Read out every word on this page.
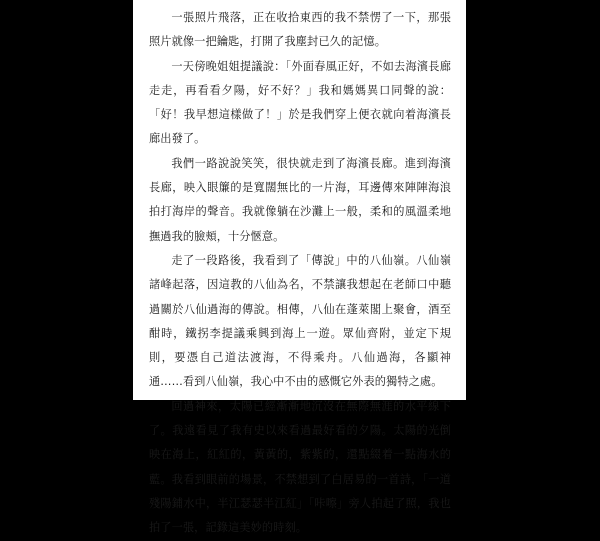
一張照片飛落，正在收拾東西的我不禁愣了一下，那張照片就像一把鑰匙，打開了我塵封已久的記憶。

一天傍晚姐姐提議說：「外面春風正好，不如去海濱長廊走走，再看看夕陽，好不好？」我和媽媽異口同聲的說：「好！我早想這樣做了！」於是我們穿上便衣就向着海濱長廊出發了。

我們一路說說笑笑，很快就走到了海濱長廊。進到海濱長廊，映入眼簾的是寬闊無比的一片海，耳邊傳來陣陣海浪拍打海岸的聲音。我就像躺在沙灘上一般，柔和的風溫柔地撫過我的臉頰，十分愜意。

走了一段路後，我看到了「傳說」中的八仙嶺。八仙嶺諸峰起落，因這教的八仙為名，不禁讓我想起在老師口中聽過關於八仙過海的傳說。相傳，八仙在蓬萊閣上聚會，酒至酣時，鐵拐李提議乘興到海上一遊。眾仙齊附，並定下規則，要憑自己道法渡海，不得乘舟。八仙過海，各顯神通……看到八仙嶺，我心中不由的感慨它外表的獨特之處。

回過神來，太陽已經漸漸地沉沒在無際無涯的水平線下了。我遠看見了我有史以來看過最好看的夕陽。太陽的光倒映在海上，紅紅的，黃黃的，紫紫的，還點綴着一點海水的藍。我看到眼前的場景，不禁想到了白居易的一首詩，「一道殘陽鋪水中，半江瑟瑟半江紅」「咔嚓」旁人拍起了照，我也拍了一張，記錄這美妙的時刻。
